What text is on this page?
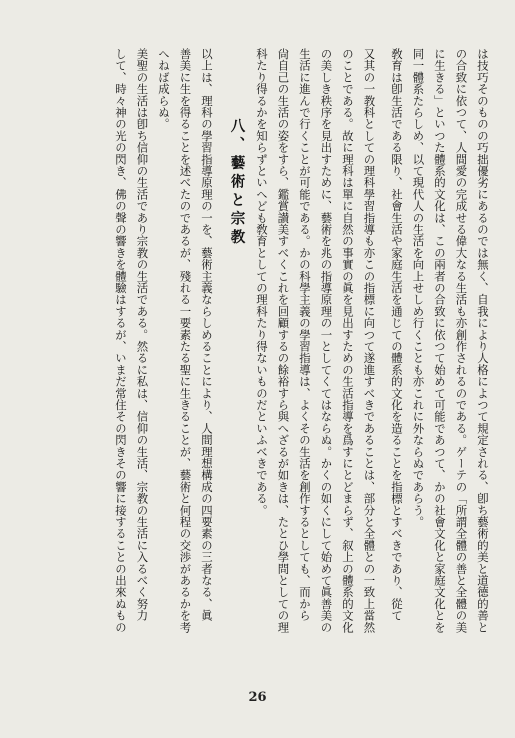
は技巧そのものの巧拙優劣にあるのでは無く、自我により人格によつて規定される、卽ち藝術的美と道德的善と
の合致に依つて、人間愛の完成せる偉大なる生活も亦創作されるのである。ゲーテの「所謂全體の善と全體の美
に生きる」といつた體系的文化は、この兩者の合致に依つて始めて可能であつて、かの社會文化と家庭文化とを
同一體系たらしめ、以て現代人の生活を向上せしめ行くことも亦これに外ならぬであらう。
敎育は卽生活である限り、社會生活や家庭生活を通じての體系的文化を造ることを指標とすべきであり、從て
又其の一教科としての理科學習指導も亦この指標に向つて遂進すべきであることは、部分と全體との一致上當然
のことである。故に理科は單に自然の事實の眞を見出すための生活指導を爲すにとどまらず、叙上の體系的文化
の美しき秩序を見出すために、藝術を兆の指導原理の一としてくてはならぬ。かくの如くにして始めて眞善美の
生活に進んで行くことが可能である。かの科學主義の學習指導は、よくその生活を創作するとしても、而から
尙自己の生活の姿をすら、鑑賞讃美すべくこれを回顧するの餘裕すら與へざるが如きは、たとひ學問としての理
科たり得るかを知らずといへども敎育としての理科たり得ないものだといふべきである。
八、藝術と宗教
以上は、理科の學習指導原理の一を、藝術主義ならしめることにより、人間理想構成の四要素の三者なる、眞
善美に生を得ることを述べたのであるが、殘れる一要素たる聖に生きることが、藝術と何程の交渉があるかを考
へねば成らぬ。
美聖の生活は卽ち信仰の生活であり宗教の生活である。然るに私は、信仰の生活、宗教の生活に入るべく努力
して、時々神の光の閃き、佛の聲の響きを體驗はするが、いまだ常住その閃きその響に接することの出來ぬもの
26
